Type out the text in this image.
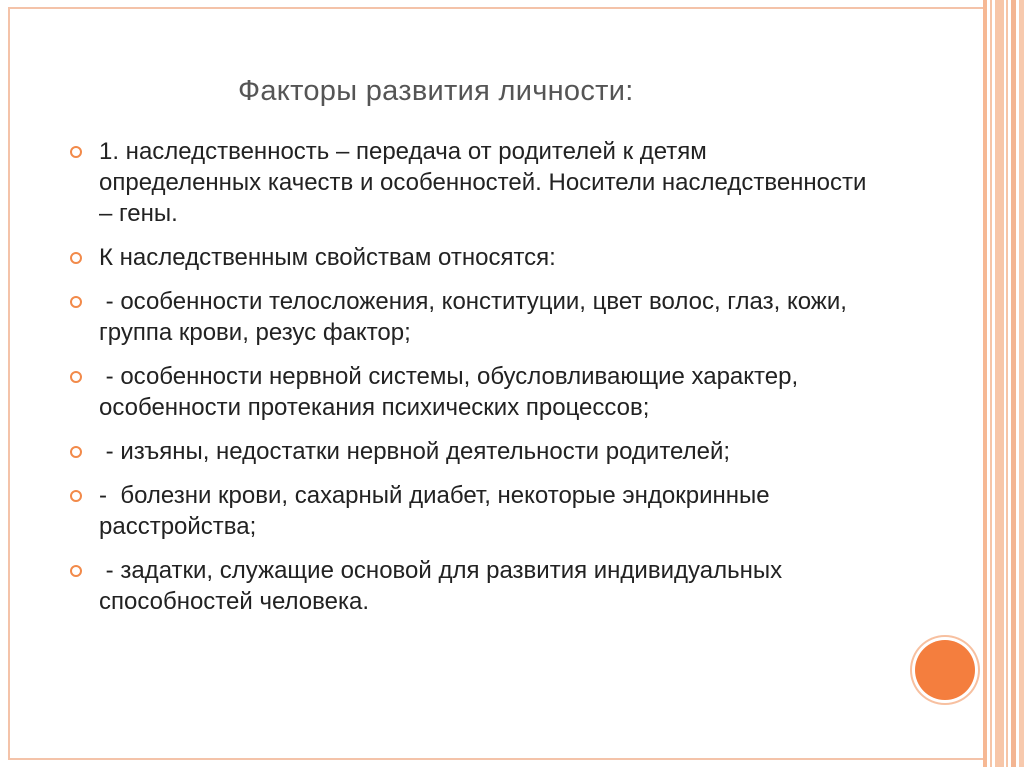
Факторы развития личности:
1. наследственность – передача от родителей к детям определенных качеств и особенностей. Носители наследственности – гены.
К наследственным свойствам относятся:
- особенности телосложения, конституции, цвет волос, глаз, кожи, группа крови, резус фактор;
- особенности нервной системы, обусловливающие характер, особенности протекания психических процессов;
- изъяны, недостатки нервной деятельности родителей;
-  болезни крови, сахарный диабет, некоторые эндокринные расстройства;
- задатки, служащие основой для развития индивидуальных способностей человека.
